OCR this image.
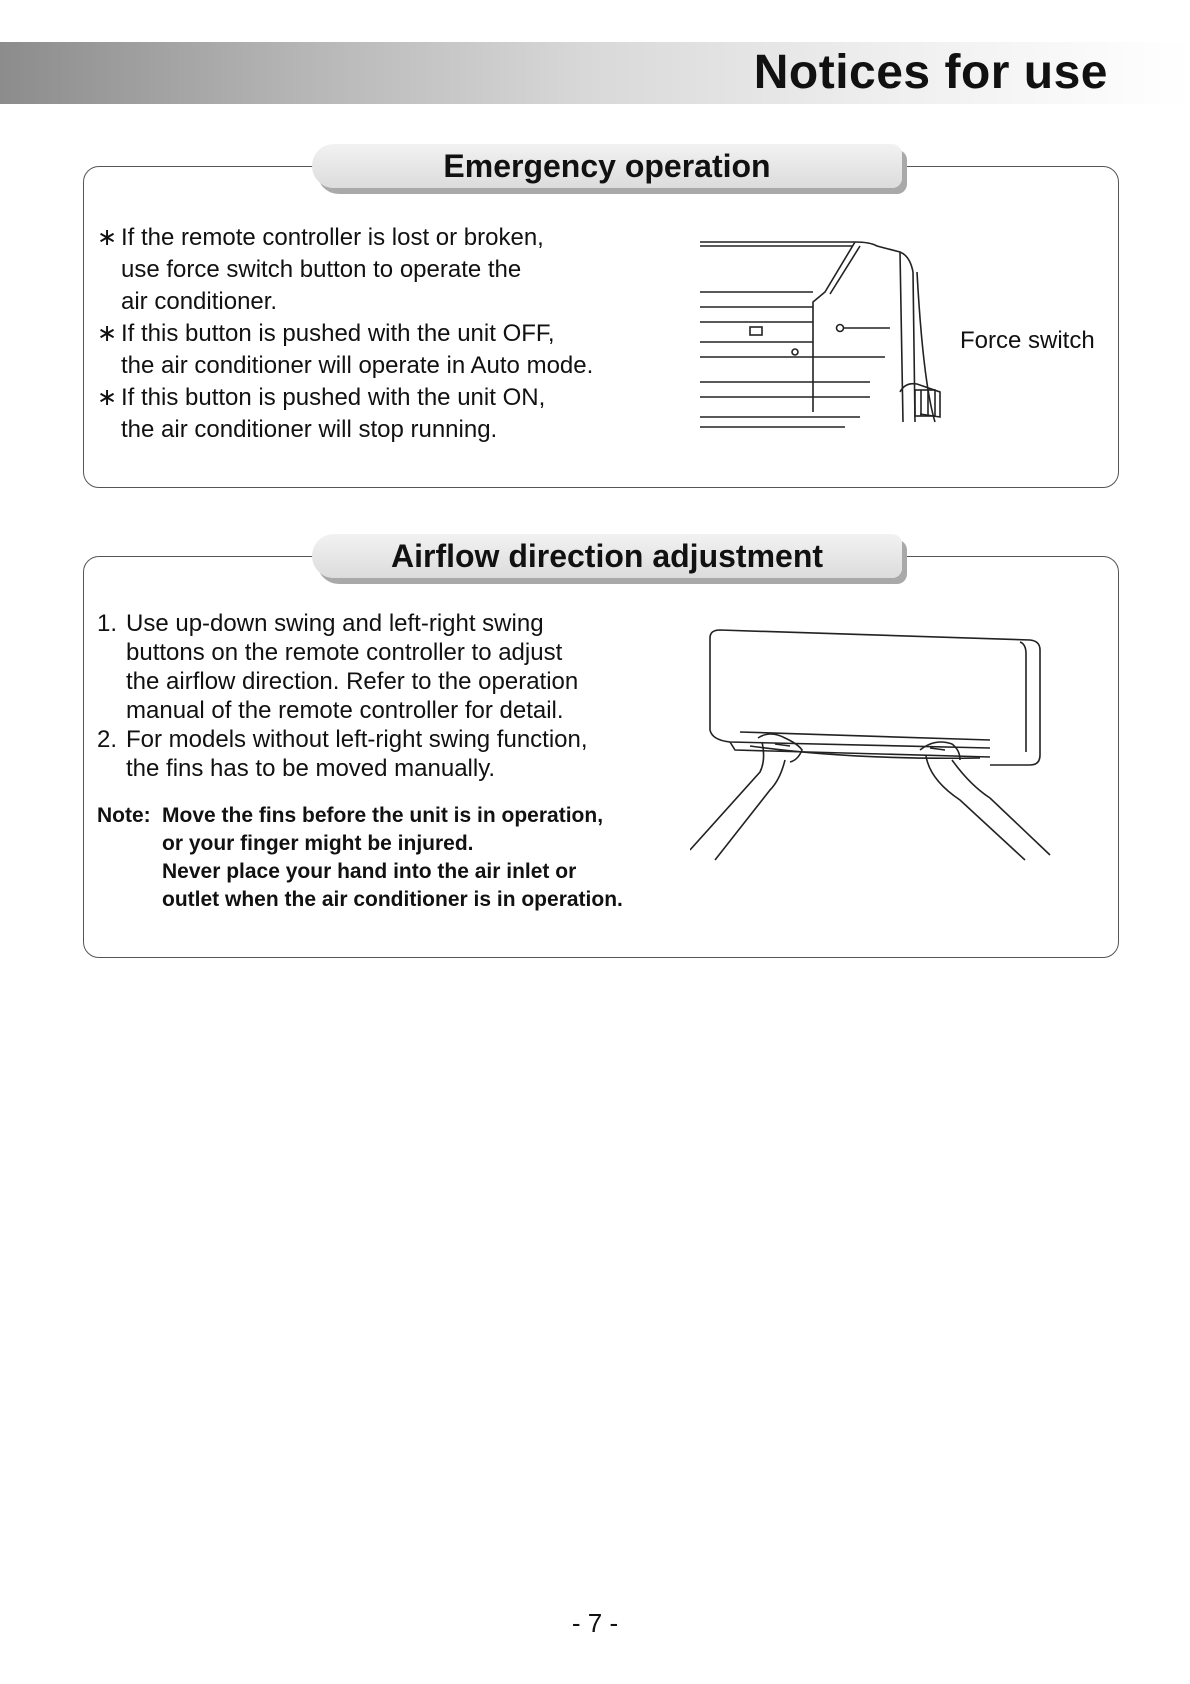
Notices for use
Emergency operation
∗ If the remote controller is lost or broken,
use force switch button to operate the
air conditioner.
∗ If this button is pushed with the unit OFF,
the air conditioner will operate in Auto mode.
∗ If this button is pushed with the unit ON,
the air conditioner will stop running.
Force switch
Airflow direction adjustment
1. Use up-down swing and left-right swing
buttons on the remote controller to adjust
the airflow direction. Refer to the operation
manual of the remote controller for detail.
2. For models without left-right swing function,
the fins has to be moved manually.
Note: Move the fins before the unit is in operation,
or your finger might be injured.
Never place your hand into the air inlet or
outlet when the air conditioner is in operation.
- 7 -
